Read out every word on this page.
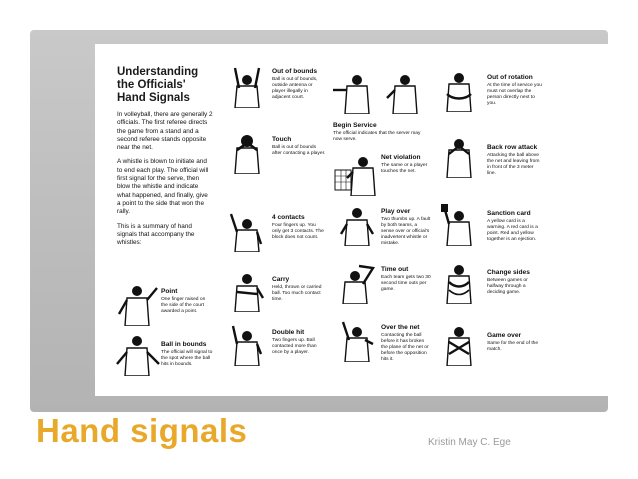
Understanding
the Officials'
Hand Signals

In volleyball, there are generally 2 officials. The first referee directs the game from a stand and a second referee stands opposite near the net.

A whistle is blown to initiate and to end each play. The official will first signal for the serve, then blow the whistle and indicate what happened, and finally, give a point to the side that won the rally.

This is a summary of hand signals that accompany the whistles:

Point
One finger raised on the side of the court awarded a point.
Ball in bounds
The official will signal to the spot where the ball hits in bounds.
Out of bounds
Ball is out of bounds, outside antenna or player illegally in adjacent court.
Touch
Ball is out of bounds after contacting a player.
4 contacts
Four fingers up. You only get 3 contacts. The block does not count.
Carry
Held, thrown or carried ball. Too much contact time.
Double hit
Two fingers up. Ball contacted more than once by a player.
Begin Service
The official indicates that the server may now serve.
Net violation
The same or a player touches the net.
Play over
Two thumbs up. A fault by both teams, a sense over or official's inadvertent whistle or mistake.
Time out
Each team gets two 30 second time outs per game.
Over the net
Contacting the ball before it has broken the plane of the net or before the opposition hits it.
Out of rotation
At the time of service you must not overlap the person directly next to you.
Back row attack
Attacking the ball above the net and leaving from in front of the 3 meter line.
Sanction card
A yellow card is a warning. A red card is a point. Red and yellow together is an ejection.
Change sides
Between games or halfway through a deciding game.
Game over
Same for the end of the match.
Hand signals	Kristin May C. Ege
